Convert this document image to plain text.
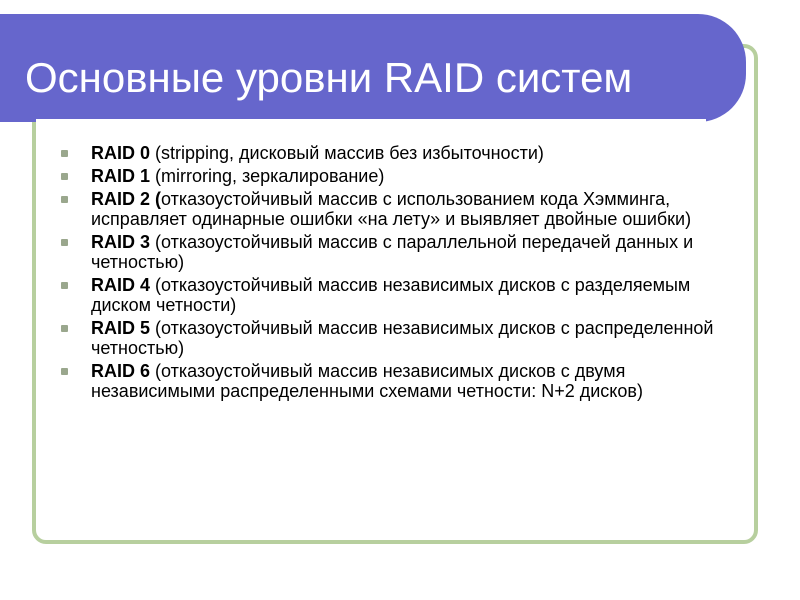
Основные уровни RAID систем
RAID 0 (stripping, дисковый массив без избыточности)
RAID 1 (mirroring, зеркалирование)
RAID 2 (отказоустойчивый массив с использованием кода Хэмминга, исправляет одинарные ошибки «на лету» и выявляет двойные ошибки)
RAID 3 (отказоустойчивый массив с параллельной передачей данных и четностью)
RAID 4 (отказоустойчивый массив независимых дисков с разделяемым диском четности)
RAID 5 (отказоустойчивый массив независимых дисков с распределенной четностью)
RAID 6 (отказоустойчивый массив независимых дисков с двумя независимыми распределенными схемами четности: N+2 дисков)
